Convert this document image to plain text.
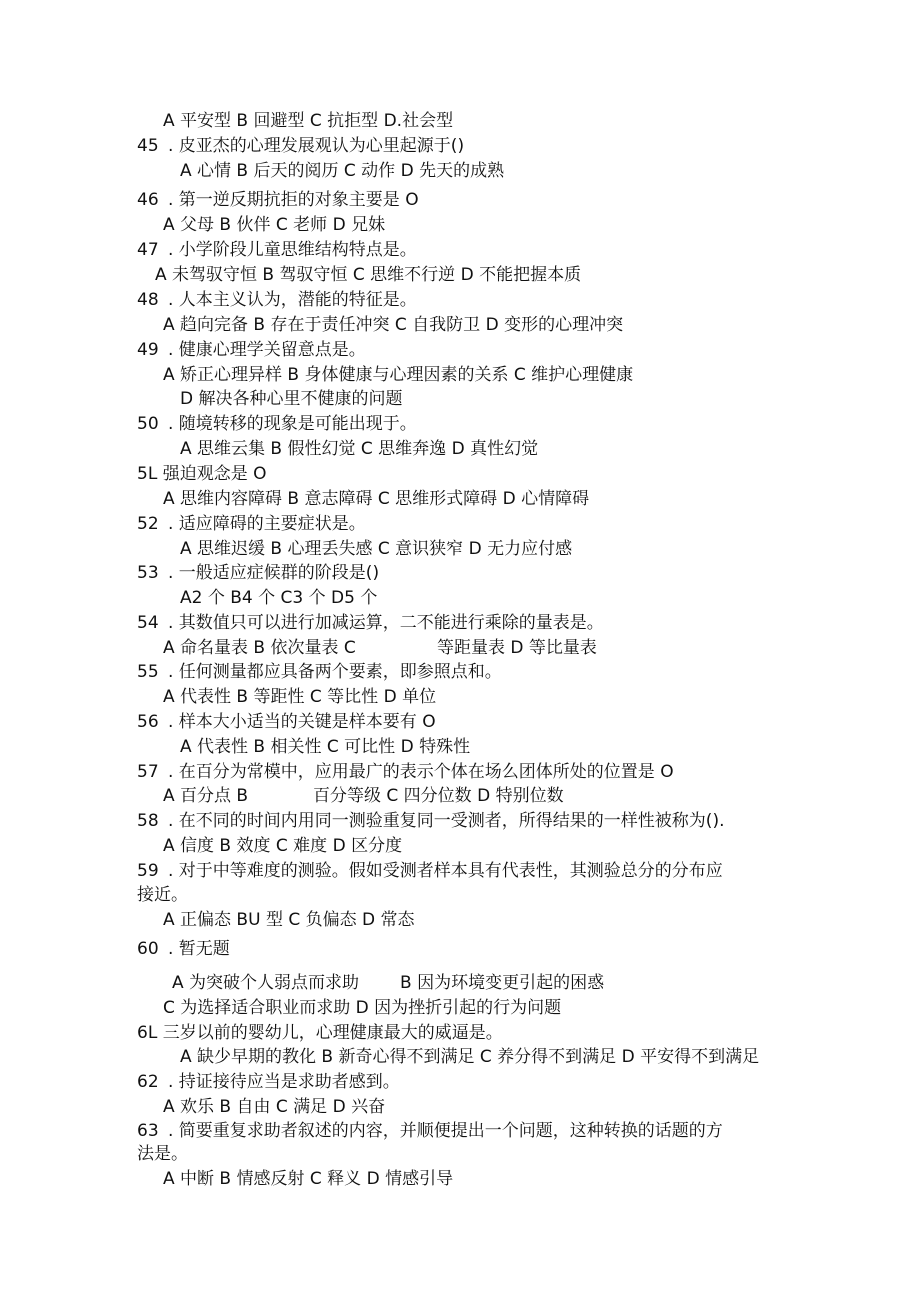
A 平安型 B 回避型 C 抗拒型 D.社会型
45 . 皮亚杰的心理发展观认为心里起源于()
A 心情 B 后天的阅历 C 动作 D 先天的成熟
46 . 第一逆反期抗拒的对象主要是 O
A 父母 B 伙伴 C 老师 D 兄妹
47 . 小学阶段儿童思维结构特点是。
A 未驾驭守恒 B 驾驭守恒 C 思维不行逆 D 不能把握本质
48 . 人本主义认为，潜能的特征是。
A 趋向完备 B 存在于责任冲突 C 自我防卫 D 变形的心理冲突
49 . 健康心理学关留意点是。
A 矫正心理异样 B 身体健康与心理因素的关系 C 维护心理健康
D 解决各种心里不健康的问题
50 . 随境转移的现象是可能出现于。
A 思维云集 B 假性幻觉 C 思维奔逸 D 真性幻觉
5L 强迫观念是 O
A 思维内容障碍 B 意志障碍 C 思维形式障碍 D 心情障碍
52 . 适应障碍的主要症状是。
A 思维迟缓 B 心理丢失感 C 意识狭窄 D 无力应付感
53 . 一般适应症候群的阶段是()
A2 个 B4 个 C3 个 D5 个
54 . 其数值只可以进行加减运算，二不能进行乘除的量表是。
A 命名量表 B 依次量表 C	等距量表 D 等比量表
55 . 任何测量都应具备两个要素，即参照点和。
A 代表性 B 等距性 C 等比性 D 单位
56 . 样本大小适当的关键是样本要有 O
A 代表性 B 相关性 C 可比性 D 特殊性
57 . 在百分为常模中，应用最广的表示个体在场么团体所处的位置是 O
A 百分点 B	百分等级 C 四分位数 D 特别位数
58 . 在不同的时间内用同一测验重复同一受测者，所得结果的一样性被称为().
A 信度 B 效度 C 难度 D 区分度
59 . 对于中等难度的测验。假如受测者样本具有代表性，其测验总分的分布应
接近。
A 正偏态 BU 型 C 负偏态 D 常态
60 . 暂无题
A 为突破个人弱点而求助 B 因为环境变更引起的困惑
C 为选择适合职业而求助 D 因为挫折引起的行为问题
6L 三岁以前的婴幼儿，心理健康最大的威逼是。
A 缺少早期的教化 B 新奇心得不到满足 C 养分得不到满足 D 平安得不到满足
62 . 持证接待应当是求助者感到。
A 欢乐 B 自由 C 满足 D 兴奋
63 . 简要重复求助者叙述的内容，并顺便提出一个问题，这种转换的话题的方
法是。
A 中断 B 情感反射 C 释义 D 情感引导
